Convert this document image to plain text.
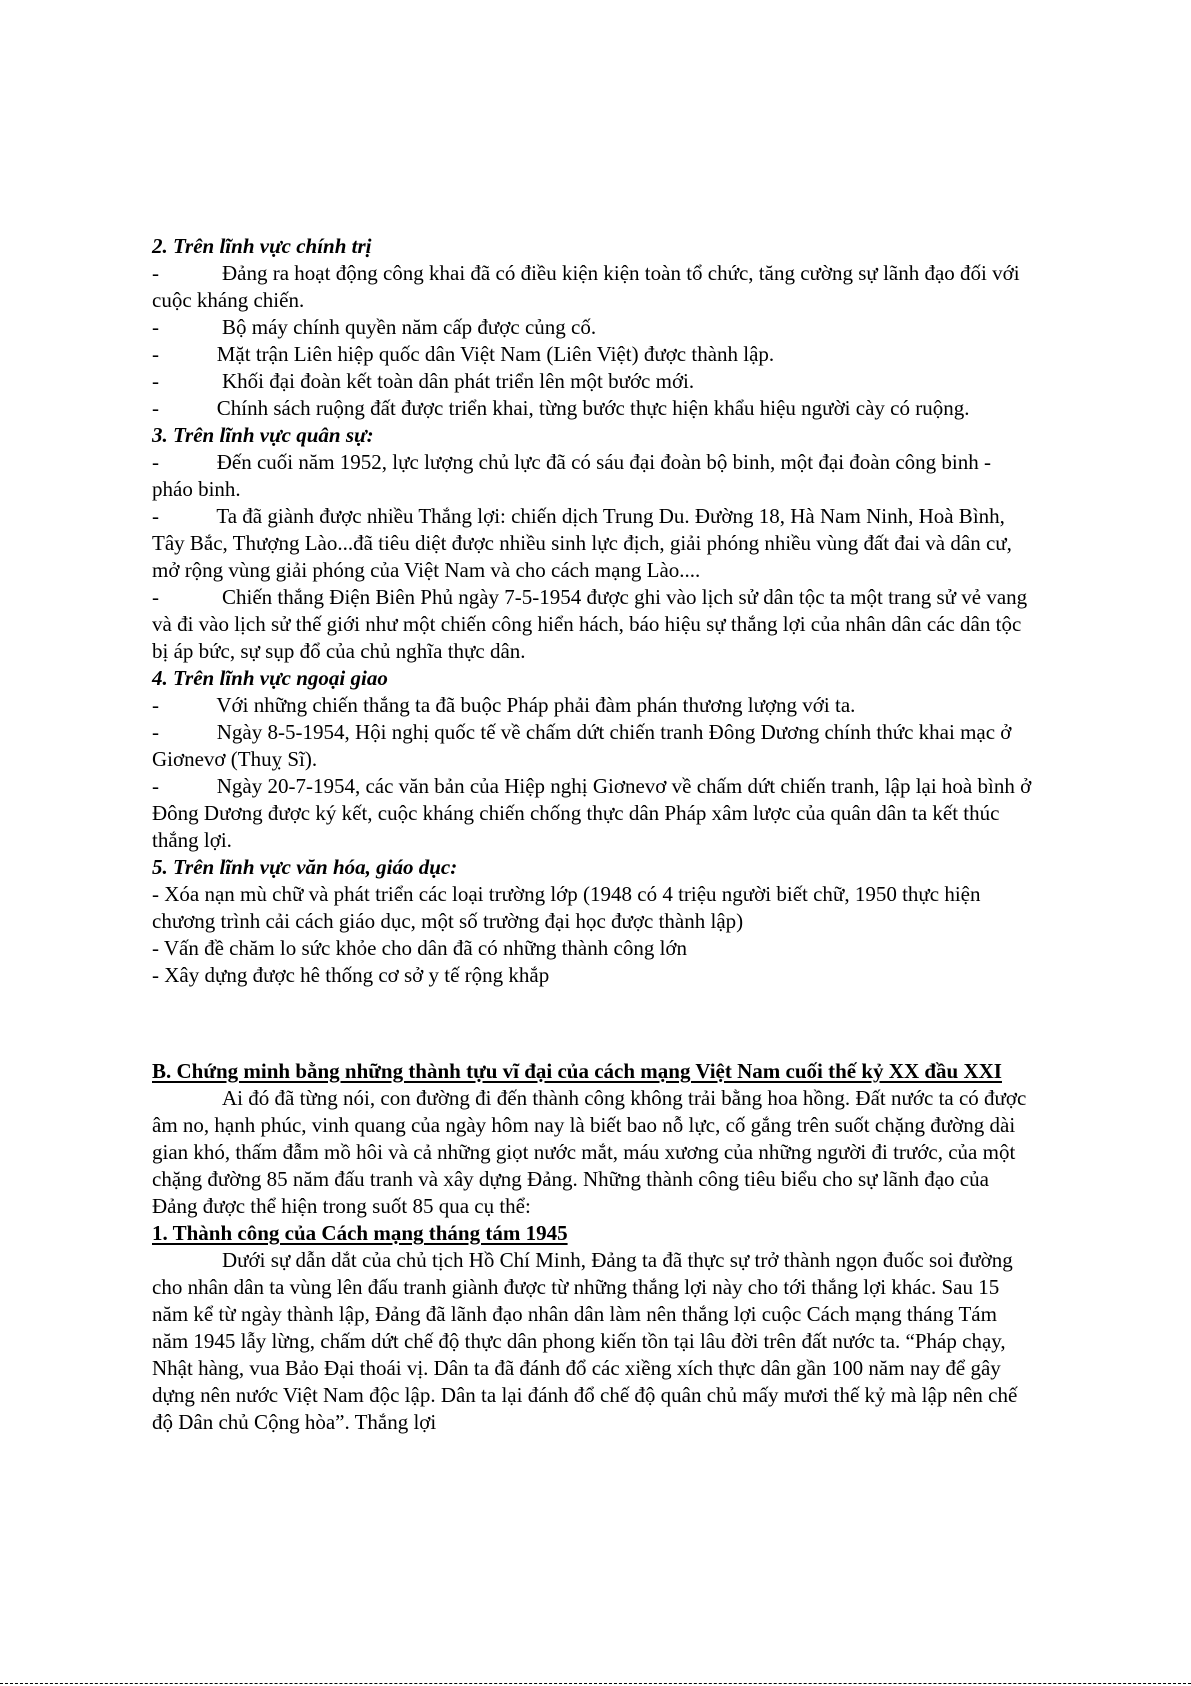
2. Trên lĩnh vực chính trị

-            Đảng ra hoạt động công khai đã có điều kiện kiện toàn tổ chức, tăng cường sự lãnh đạo đối với cuộc kháng chiến.

-            Bộ máy chính quyền năm cấp được củng cố.

-           Mặt trận Liên hiệp quốc dân Việt Nam (Liên Việt) được thành lập.

-            Khối đại đoàn kết toàn dân phát triển lên một bước mới.

-           Chính sách ruộng đất được triển khai, từng bước thực hiện khẩu hiệu người cày có ruộng.

3. Trên lĩnh vực quân sự:

-           Đến cuối năm 1952, lực lượng chủ lực đã có sáu đại đoàn bộ binh, một đại đoàn công binh - pháo binh.

-           Ta đã giành được nhiều Thắng lợi: chiến dịch Trung Du. Đường 18, Hà Nam Ninh, Hoà Bình, Tây Bắc, Thượng Lào...đã tiêu diệt được nhiều sinh lực địch, giải phóng nhiều vùng đất đai và dân cư, mở rộng vùng giải phóng của Việt Nam và cho cách mạng Lào....

-            Chiến thắng Điện Biên Phủ ngày 7-5-1954 được ghi vào lịch sử dân tộc ta một trang sử vẻ vang và đi vào lịch sử thế giới như một chiến công hiển hách, báo hiệu sự thắng lợi của nhân dân các dân tộc bị áp bức, sự sụp đổ của chủ nghĩa thực dân.

4. Trên lĩnh vực ngoại giao

-           Với những chiến thắng ta đã buộc Pháp phải đàm phán thương lượng với ta.

-           Ngày 8-5-1954, Hội nghị quốc tế về chấm dứt chiến tranh Đông Dương chính thức khai mạc ở Giơnevơ (Thuỵ Sĩ).

-           Ngày 20-7-1954, các văn bản của Hiệp nghị Giơnevơ về chấm dứt chiến tranh, lập lại hoà bình ở Đông Dương được ký kết, cuộc kháng chiến chống thực dân Pháp xâm lược của quân dân ta kết thúc thắng lợi.

5. Trên lĩnh vực văn hóa, giáo dục:

- Xóa nạn mù chữ và phát triển các loại trường lớp (1948 có 4 triệu người biết chữ, 1950 thực hiện chương trình cải cách giáo dục, một số trường đại học được thành lập)

- Vấn đề chăm lo sức khỏe cho dân đã có những thành công lớn

- Xây dựng được hê thống cơ sở y tế rộng khắp

B. Chứng minh bằng những thành tựu vĩ đại của cách mạng Việt Nam cuối thế kỷ XX đầu XXI

Ai đó đã từng nói, con đường đi đến thành công không trải bằng hoa hồng. Đất nước ta có được âm no, hạnh phúc, vinh quang của ngày hôm nay là biết bao nỗ lực, cố gắng trên suốt chặng đường dài gian khó, thấm đẫm mồ hôi và cả những giọt nước mắt, máu xương của những người đi trước, của một chặng đường 85 năm đấu tranh và xây dựng Đảng. Những thành công tiêu biểu cho sự lãnh đạo của Đảng được thể hiện trong suốt 85 qua cụ thể:

1. Thành công của Cách mạng tháng tám 1945

Dưới sự dẫn dắt của chủ tịch Hồ Chí Minh, Đảng ta đã thực sự trở thành ngọn đuốc soi đường cho nhân dân ta vùng lên đấu tranh giành được từ những thắng lợi này cho tới thắng lợi khác. Sau 15 năm kể từ ngày thành lập, Đảng đã lãnh đạo nhân dân làm nên thắng lợi cuộc Cách mạng tháng Tám năm 1945 lẫy lừng, chấm dứt chế độ thực dân phong kiến tồn tại lâu đời trên đất nước ta. “Pháp chạy, Nhật hàng, vua Bảo Đại thoái vị. Dân ta đã đánh đổ các xiềng xích thực dân gần 100 năm nay để gây dựng nên nước Việt Nam độc lập. Dân ta lại đánh đổ chế độ quân chủ mấy mươi thế kỷ mà lập nên chế độ Dân chủ Cộng hòa”. Thắng lợi
